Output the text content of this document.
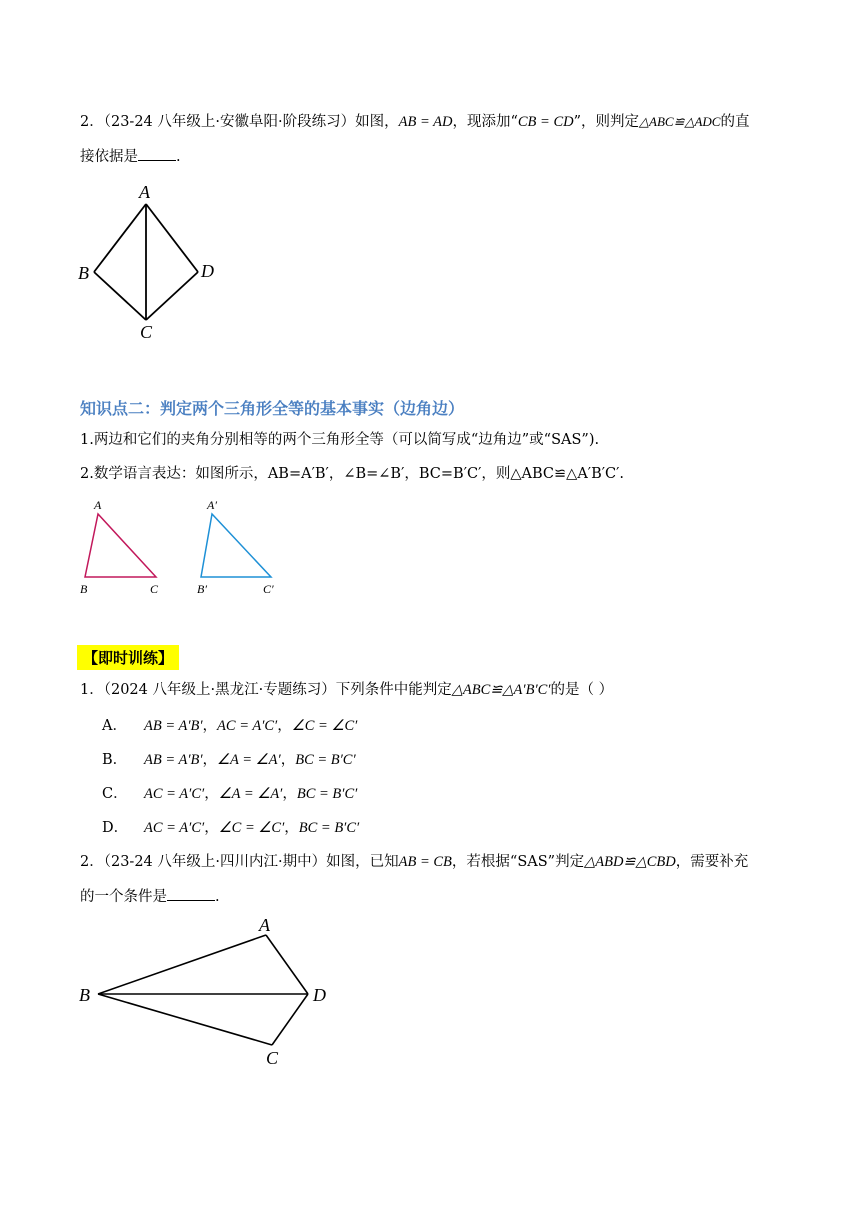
2．（23-24 八年级上·安徽阜阳·阶段练习）如图，AB = AD，现添加“CB = CD”，则判定△ABC≌△ADC的直
接依据是	.
A
B	D
C
知识点二：判定两个三角形全等的基本事实（边角边）
1.两边和它们的夹角分别相等的两个三角形全等（可以简写成“边角边”或“SAS”).
2.数学语言表达：如图所示，AB=A′B′，∠B=∠B′，BC=B′C′，则△ABC≌△A′B′C′.
A
B	C
A′
B′	C′
【即时训练】
1．（2024 八年级上·黑龙江·专题练习）下列条件中能判定△ABC≌△A′B′C′的是（ ）
A． AB = A′B′，AC = A′C′，∠C = ∠C′
B． AB = A′B′，∠A = ∠A′，BC = B′C′
C． AC = A′C′，∠A = ∠A′，BC = B′C′
D． AC = A′C′，∠C = ∠C′，BC = B′C′
2．（23-24 八年级上·四川内江·期中）如图，已知AB = CB，若根据“SAS”判定△ABD≌△CBD，需要补充
的一个条件是	.
A
B	D
C
